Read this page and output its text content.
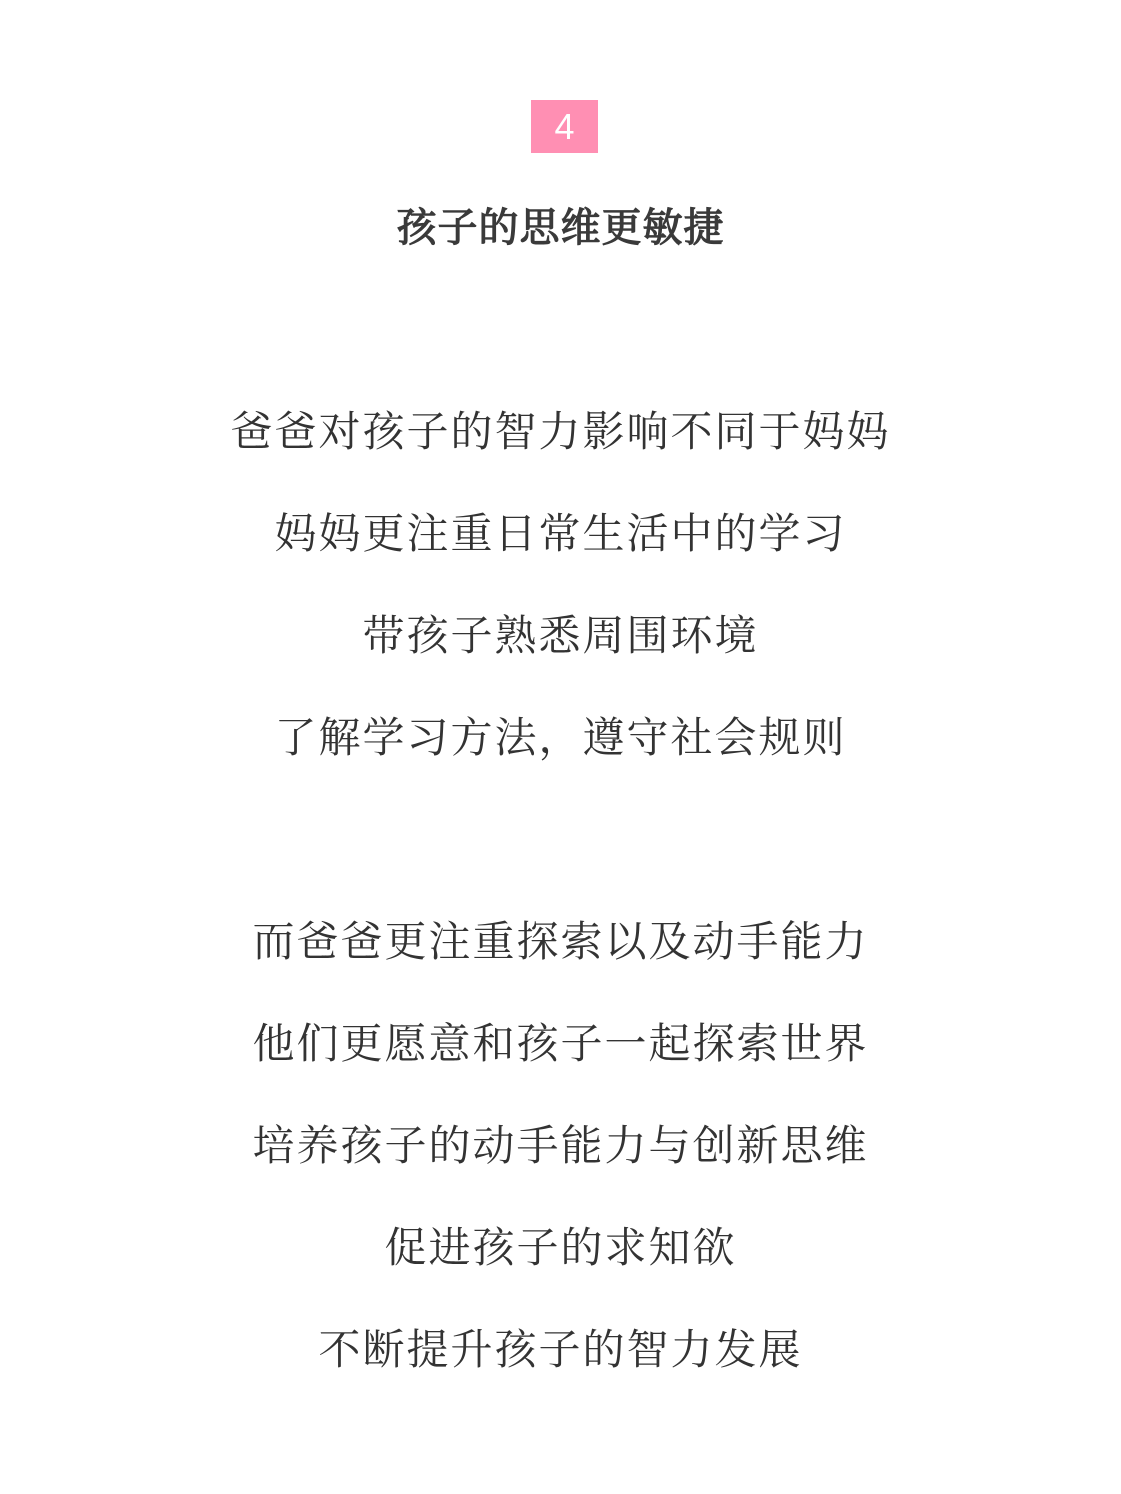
4
孩子的思维更敏捷
爸爸对孩子的智力影响不同于妈妈
妈妈更注重日常生活中的学习
带孩子熟悉周围环境
了解学习方法，遵守社会规则
而爸爸更注重探索以及动手能力
他们更愿意和孩子一起探索世界
培养孩子的动手能力与创新思维
促进孩子的求知欲
不断提升孩子的智力发展
